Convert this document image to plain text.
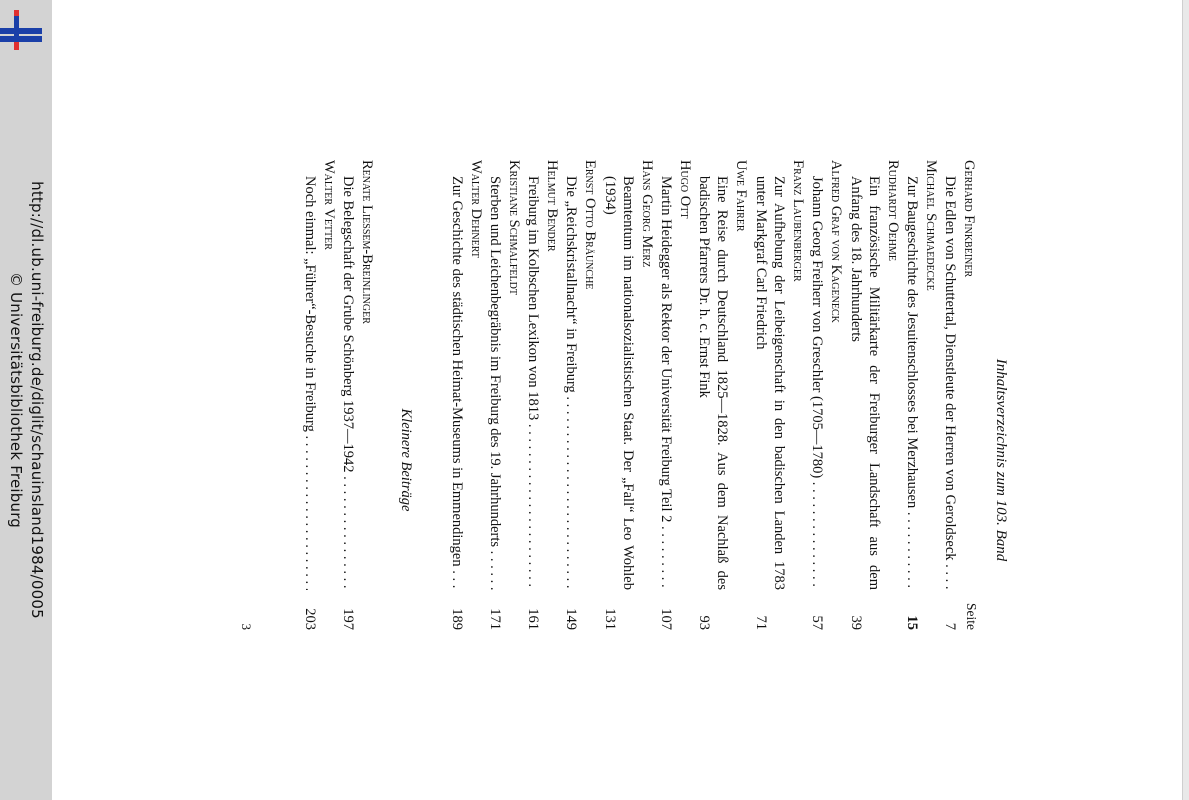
http://dl.ub.uni-freiburg.de/diglit/schauinsland1984/0005
© Universitätsbibliothek Freiburg	Inhaltsverzeichnis zum 103. Band
Seite
Gerhard Finkbeiner
Die Edlen von Schuttertal, Dienstleute der Herren von Geroldseck . . .
7
Michael Schmaedecke
Zur Baugeschichte des Jesuitenschlosses bei Merzhausen . . .
15
Rudhardt Oehme
Ein französische Militärkarte der Freiburger Landschaft aus dem Anfang des 18. Jahrhunderts
39
Alfred Graf von Kageneck
Johann Georg Freiherr von Greschler (1705—1780) . . .
57
Franz Laubenberger
Zur Aufhebung der Leibeigenschaft in den badischen Landen 1783 unter Markgraf Carl Friedrich
71
Uwe Fahrer
Eine Reise durch Deutschland 1825—1828. Aus dem Nachlaß des badischen Pfarrers Dr. h. c. Ernst Fink
93
Hugo Ott
Martin Heidegger als Rektor der Universität Freiburg Teil 2 . . .
107
Hans Georg Merz
Beamtentum im nationalsozialistischen Staat. Der „Fall“ Leo Wohleb (1934)
131
Ernst Otto Bräunche
Die „Reichskristallnacht“ in Freiburg . . .
149
Helmut Bender
Freiburg im Kolbschen Lexikon von 1813 . . .
161
Kristiane Schmalfeldt
Sterben und Leichenbegräbnis im Freiburg des 19. Jahrhunderts . . .
171
Walter Dehnert
Zur Geschichte des städtischen Heimat-Museums in Emmendingen . . .
189
Kleinere Beiträge
Renate Liessem-Breinlinger
Die Belegschaft der Grube Schönberg 1937—1942 . . .
197
Walter Vetter
Noch einmal: „Führer“-Besuche in Freiburg . . .
203
3
